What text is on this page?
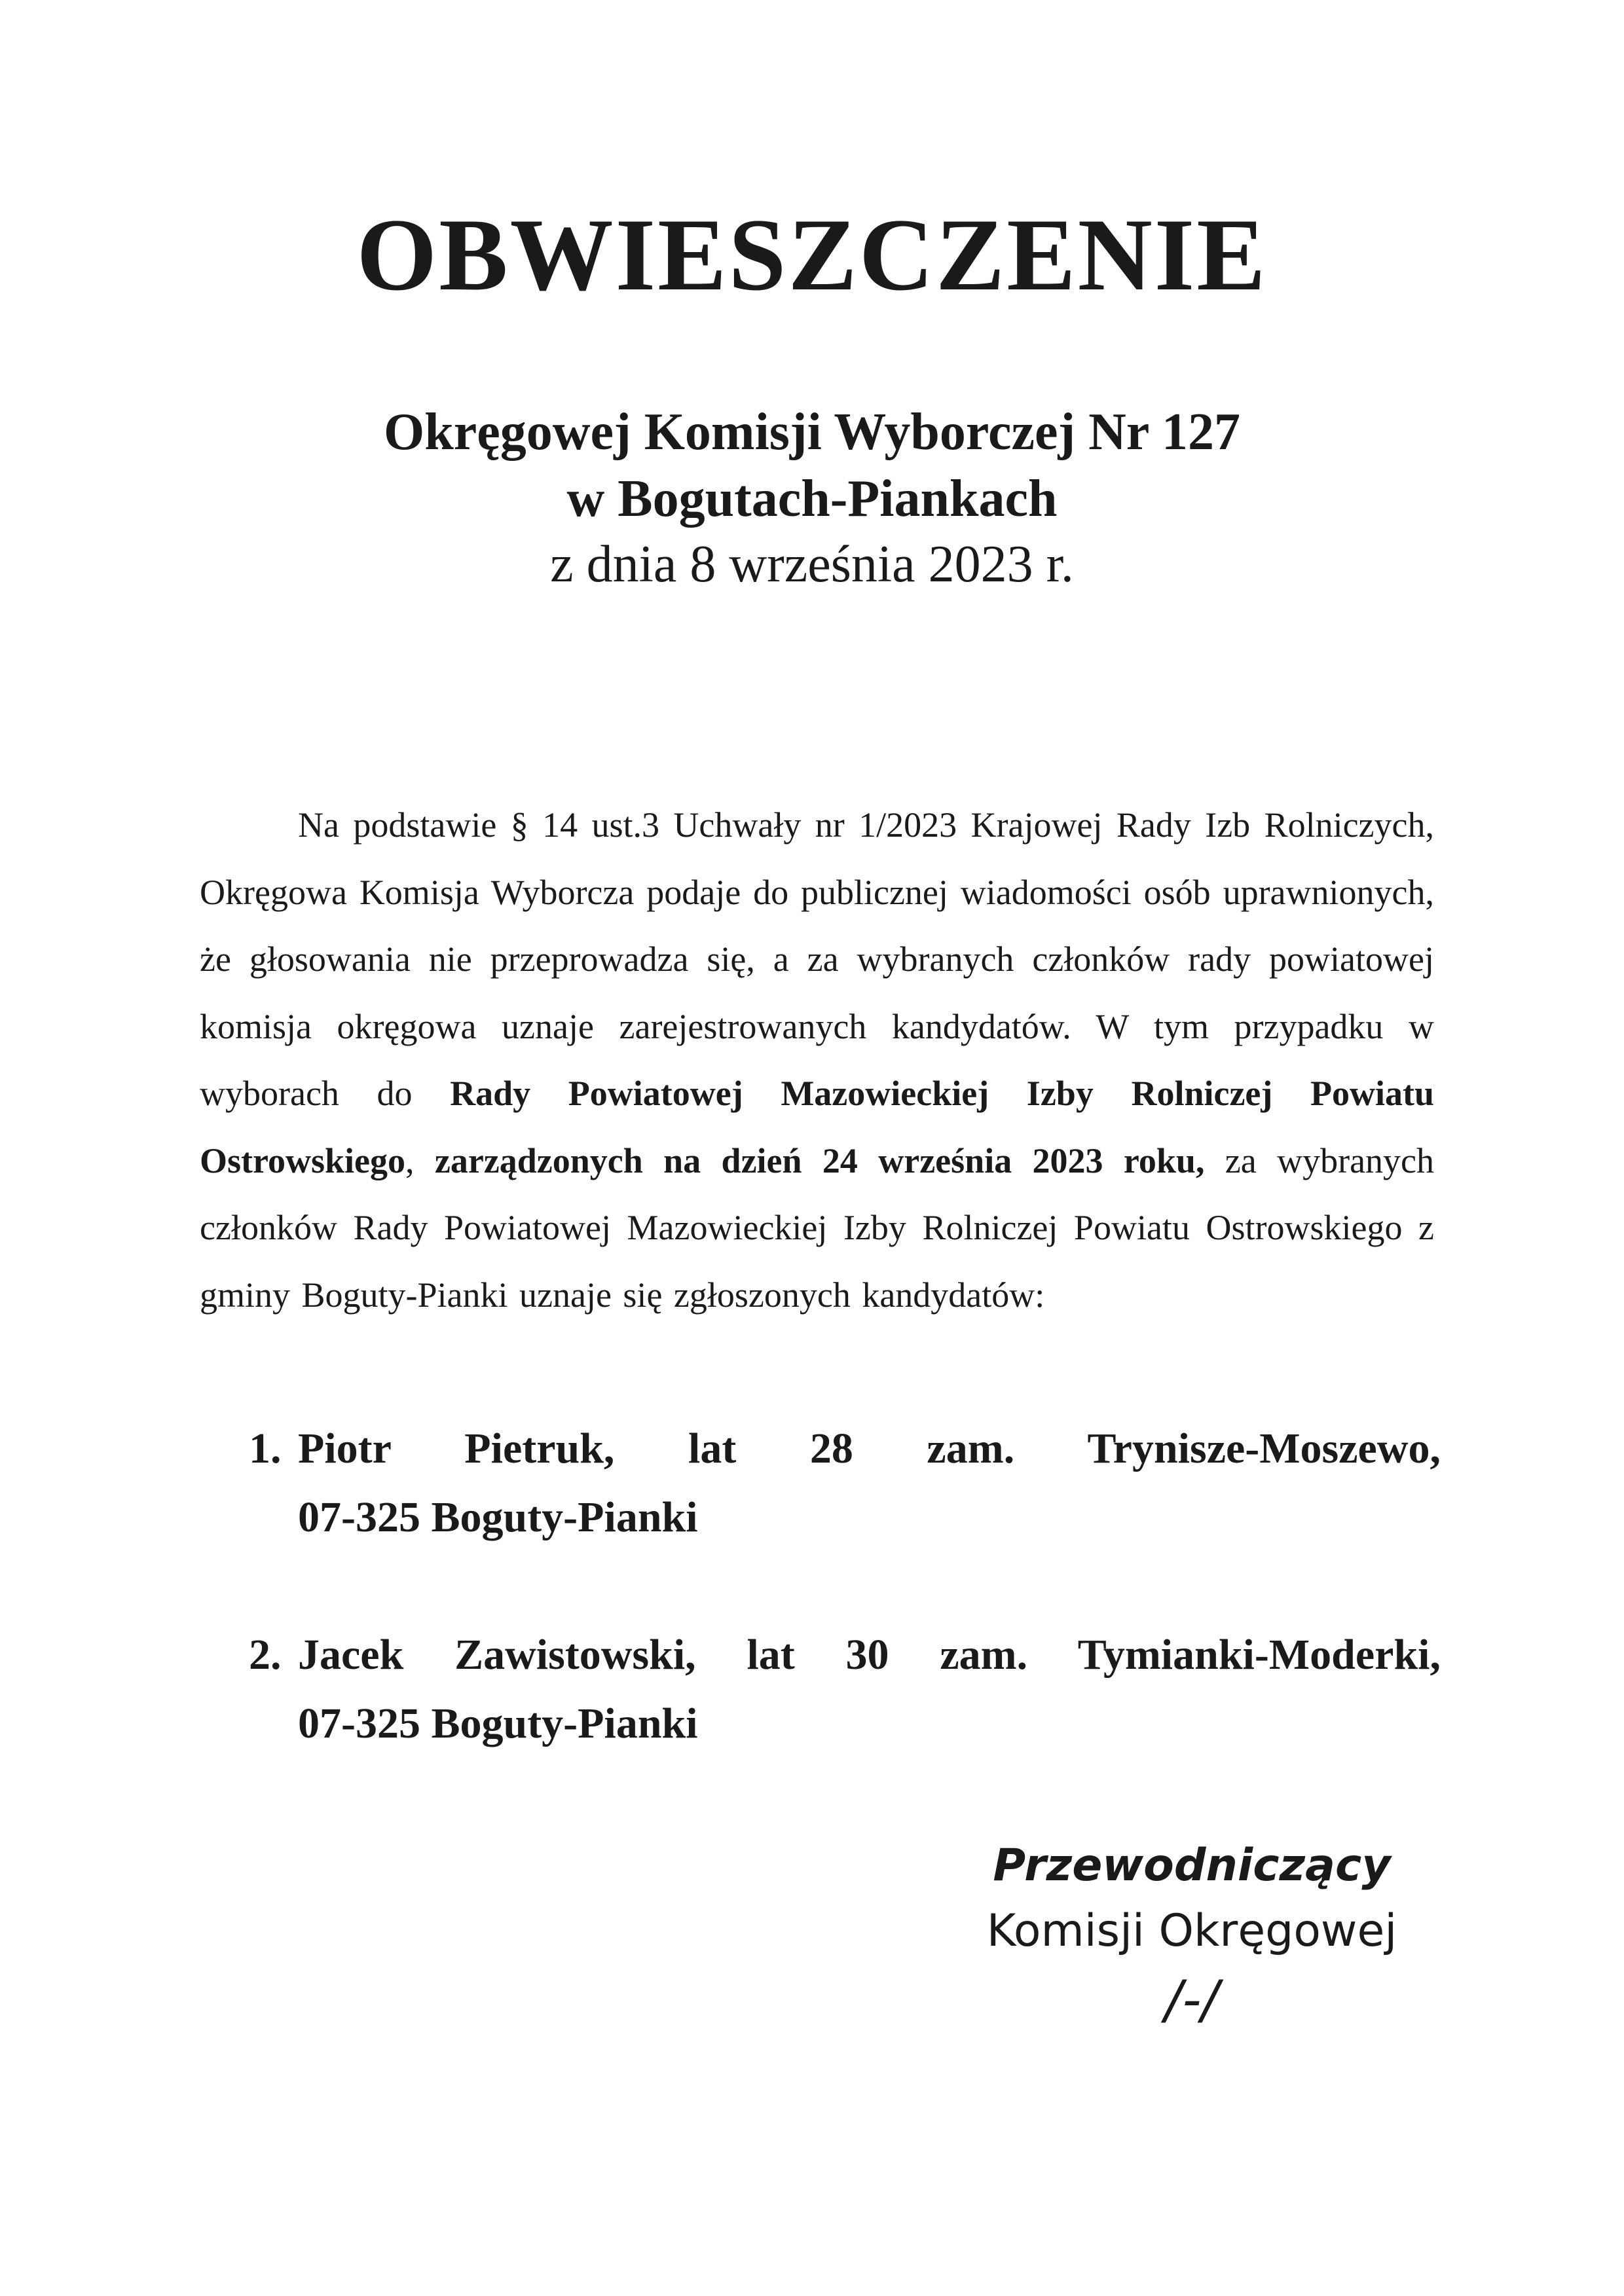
OBWIESZCZENIE
Okręgowej Komisji Wyborczej Nr 127
w Bogutach-Piankach
z dnia 8 września 2023 r.

Na podstawie § 14 ust.3 Uchwały nr 1/2023 Krajowej Rady Izb Rolniczych, Okręgowa Komisja Wyborcza podaje do publicznej wiadomości osób uprawnionych, że głosowania nie przeprowadza się, a za wybranych członków rady powiatowej komisja okręgowa uznaje zarejestrowanych kandydatów. W tym przypadku w wyborach do Rady Powiatowej Mazowieckiej Izby Rolniczej Powiatu Ostrowskiego, zarządzonych na dzień 24 września 2023 roku, za wybranych członków Rady Powiatowej Mazowieckiej Izby Rolniczej Powiatu Ostrowskiego z gminy Boguty-Pianki uznaje się zgłoszonych kandydatów:

1. Piotr Pietruk, lat 28 zam. Trynisze-Moszewo,
07-325 Boguty-Pianki
2. Jacek Zawistowski, lat 30 zam. Tymianki-Moderki,
07-325 Boguty-Pianki
Przewodniczący
Komisji Okręgowej
/-/
